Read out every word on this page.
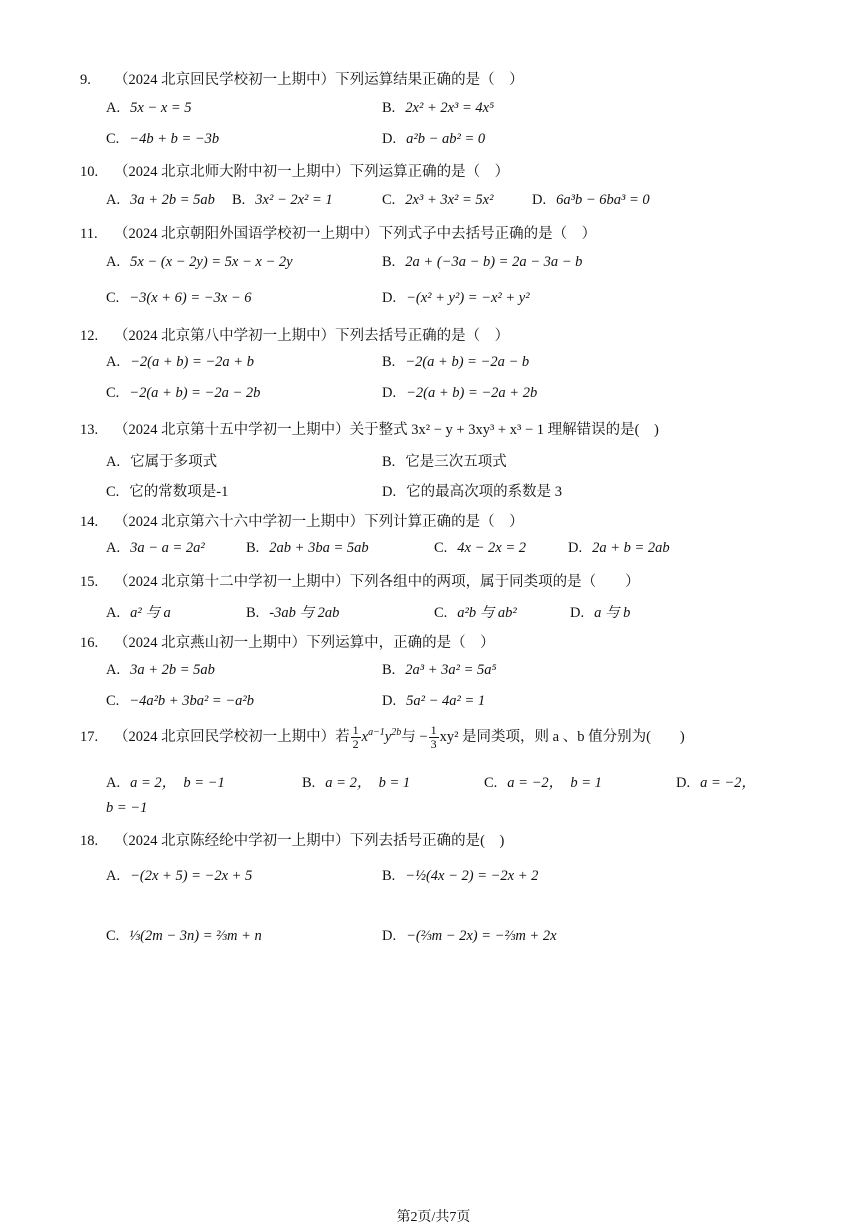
9. （2024 北京回民学校初一上期中）下列运算结果正确的是（　）
A. 5x − x = 5	B. 2x² + 2x³ = 4x⁵
C. −4b + b = −3b	D. a²b − ab² = 0
10. （2024 北京北师大附中初一上期中）下列运算正确的是（　）
A. 3a + 2b = 5ab B. 3x² − 2x² = 1	C. 2x³ + 3x² = 5x²	D. 6a³b − 6ba³ = 0
11. （2024 北京朝阳外国语学校初一上期中）下列式子中去括号正确的是（　）
A. 5x − (x − 2y) = 5x − x − 2y	B. 2a + (−3a − b) = 2a − 3a − b
C. −3(x + 6) = −3x − 6	D. −(x² + y²) = −x² + y²
12. （2024 北京第八中学初一上期中）下列去括号正确的是（　）
A. −2(a + b) = −2a + b	B. −2(a + b) = −2a − b
C. −2(a + b) = −2a − 2b	D. −2(a + b) = −2a + 2b
13. （2024 北京第十五中学初一上期中）关于整式 3x² − y + 3xy³ + x³ − 1 理解错误的是(　)
A. 它属于多项式	B. 它是三次五项式
C. 它的常数项是-1	D. 它的最高次项的系数是 3
14. （2024 北京第六十六中学初一上期中）下列计算正确的是（　）
A. 3a − a = 2a²	B. 2ab + 3ba = 5ab	C. 4x − 2x = 2	D. 2a + b = 2ab
15. （2024 北京第十二中学初一上期中）下列各组中的两项，属于同类项的是（　　）
A. a² 与 a	B. -3ab 与 2ab	C. a²b 与 ab²	D. a 与 b
16. （2024 北京燕山初一上期中）下列运算中，正确的是（　）
A. 3a + 2b = 5ab	B. 2a³ + 3a² = 5a⁵
C. −4a²b + 3ba² = −a²b	D. 5a² − 4a² = 1
17. （2024 北京回民学校初一上期中）若 $\frac{1}{2} x^{a-1}y^{2b}$与 − $\frac{1}{3} xy^2$ 是同类项，则 a 、b 值分别为(　　)
A. a = 2，　b = −1	B. a = 2，　b = 1	C. a = −2，　b = 1	D. a = −2，
b = −1
18. （2024 北京陈经纶中学初一上期中）下列去括号正确的是(　)
A. −(2x + 5) = −2x + 5	B. −½(4x − 2) = −2x + 2
C. ⅓(2m − 3n) = ⅔m + n	D. −(⅔m − 2x) = −⅔m + 2x
第2页/共7页
